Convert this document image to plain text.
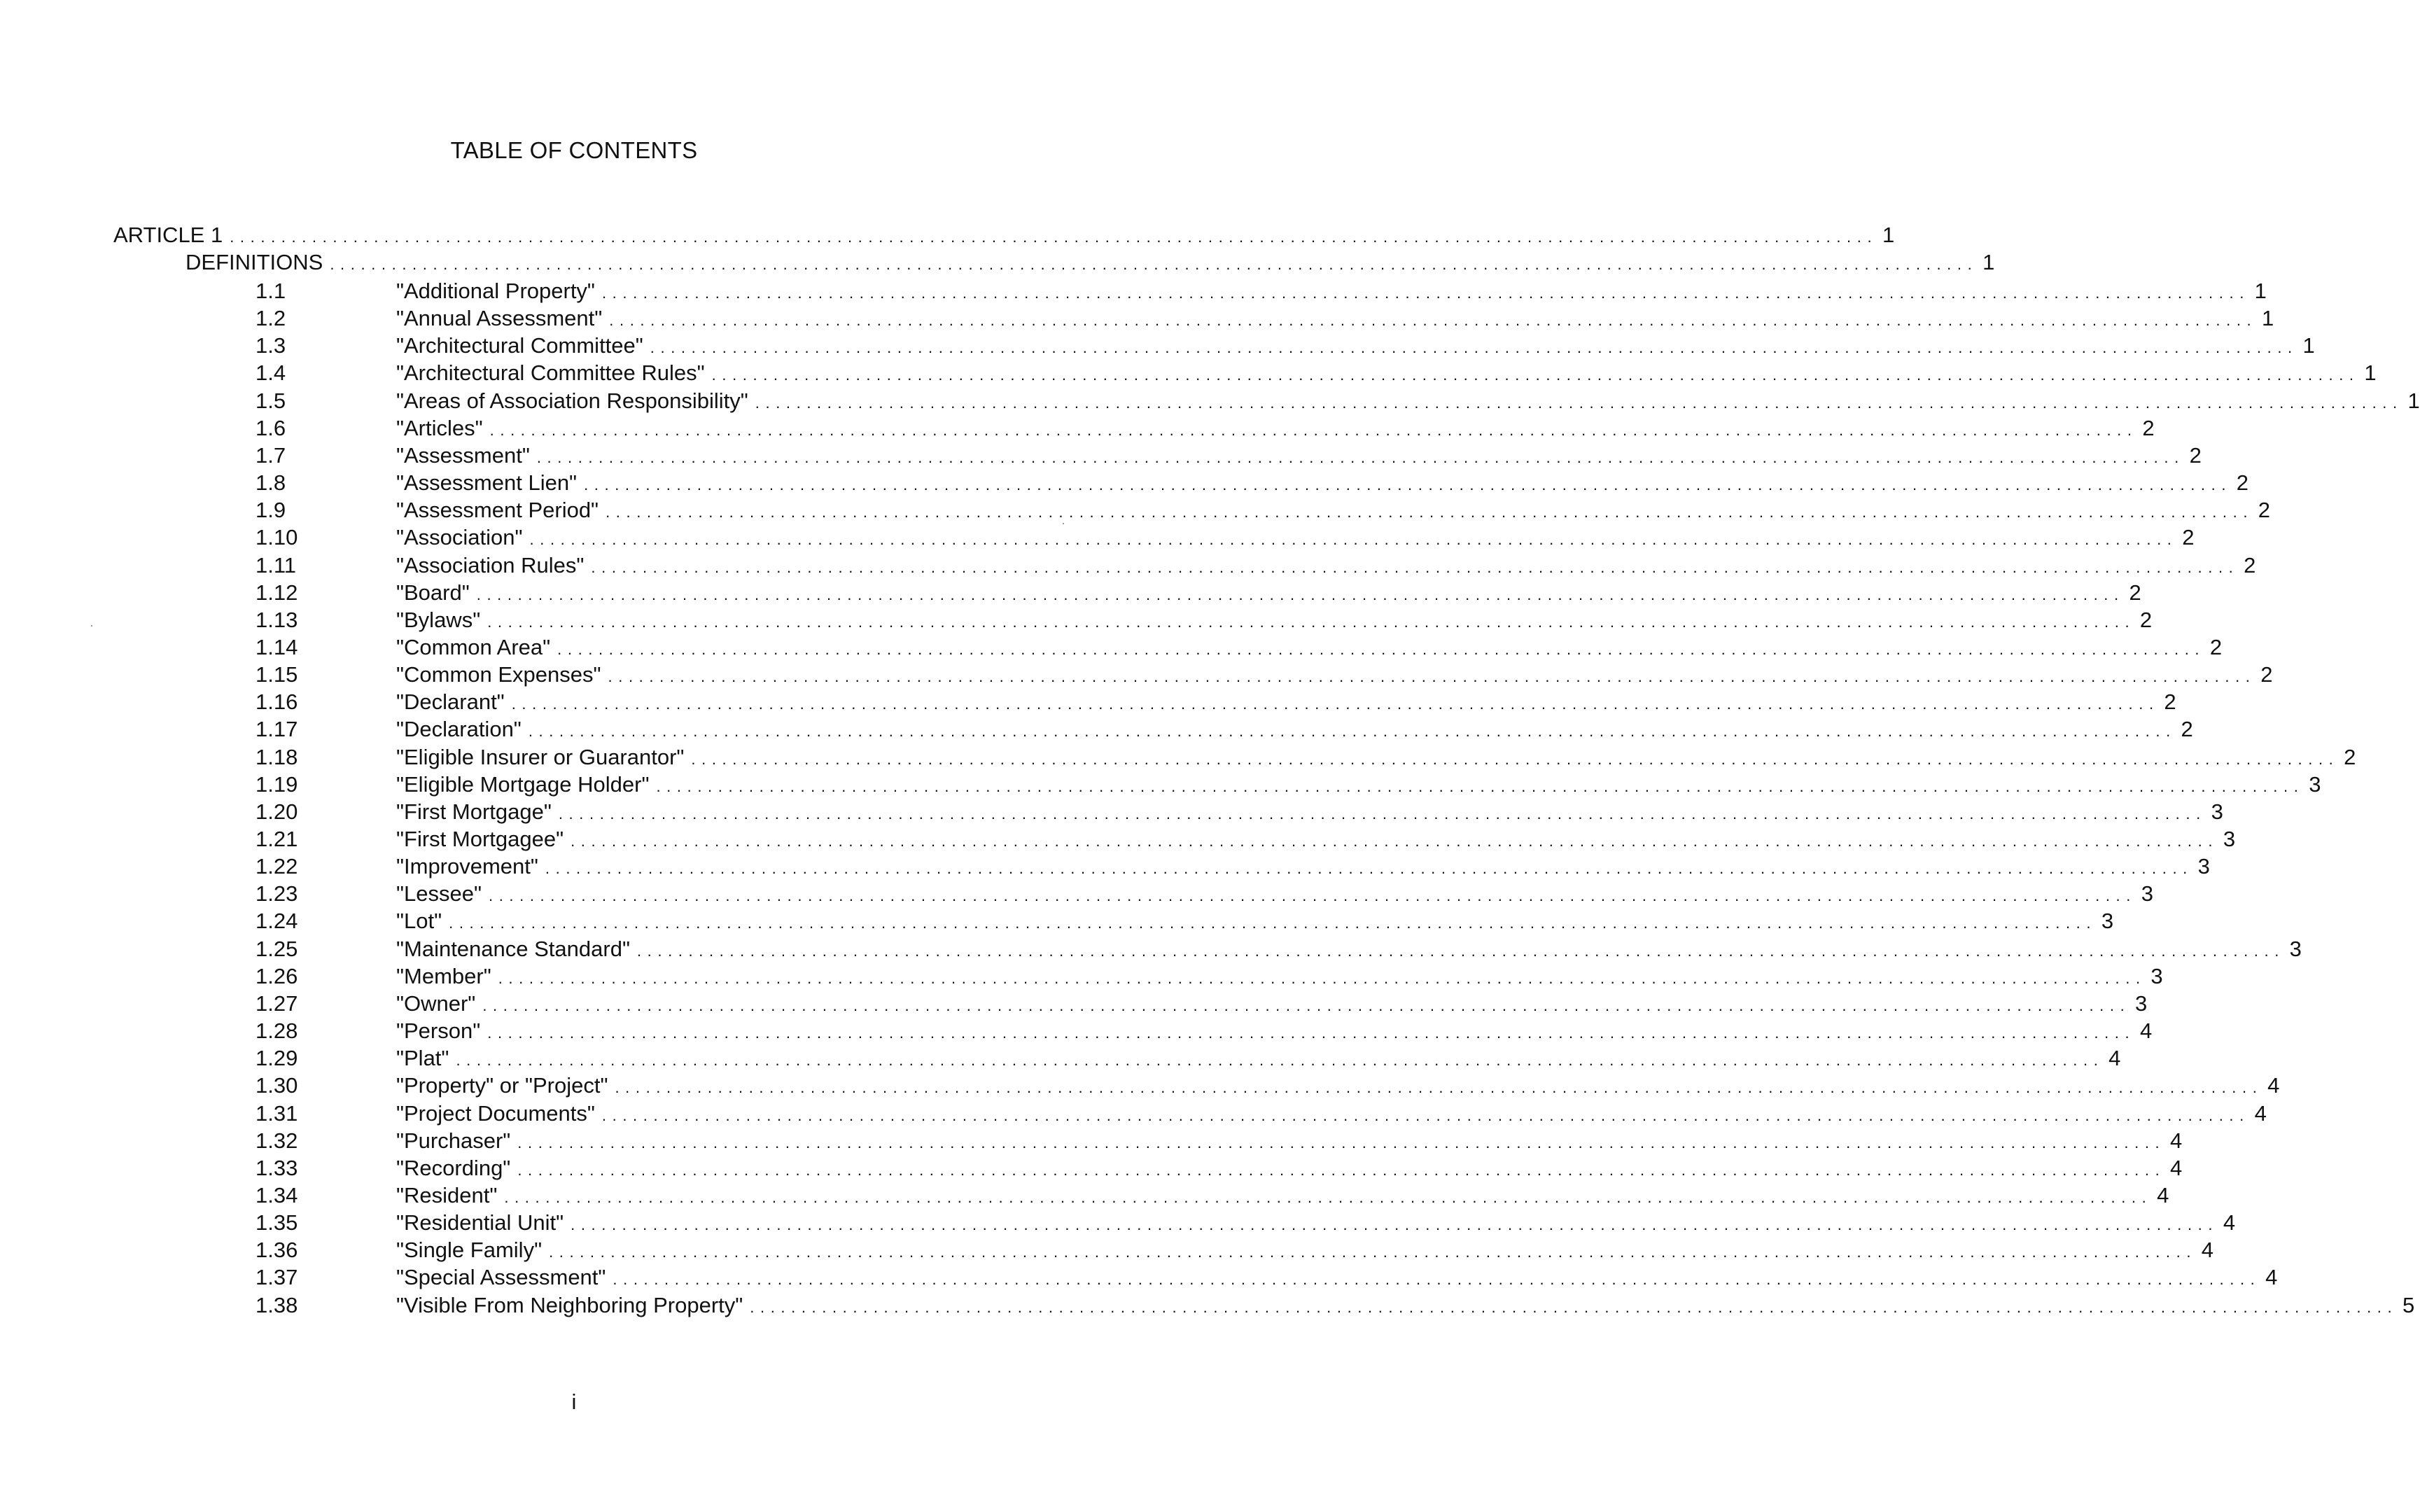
TABLE OF CONTENTS
ARTICLE 1 ................................................................................................................................................................ 1
DEFINITIONS ................................................................................................................................................................ 1
1.1	"Additional Property" ................................................................................................................................................................ 1
1.2	"Annual Assessment" ................................................................................................................................................................ 1
1.3	"Architectural Committee" ................................................................................................................................................................ 1
1.4	"Architectural Committee Rules" ................................................................................................................................................................ 1
1.5	"Areas of Association Responsibility" ................................................................................................................................................................ 1
1.6	"Articles" ................................................................................................................................................................ 2
1.7	"Assessment" ................................................................................................................................................................ 2
1.8	"Assessment Lien" ................................................................................................................................................................ 2
1.9	"Assessment Period" ................................................................................................................................................................ 2
1.10	"Association" ................................................................................................................................................................ 2
1.11	"Association Rules" ................................................................................................................................................................ 2
1.12	"Board" ................................................................................................................................................................ 2
1.13	"Bylaws" ................................................................................................................................................................ 2
1.14	"Common Area" ................................................................................................................................................................ 2
1.15	"Common Expenses" ................................................................................................................................................................ 2
1.16	"Declarant" ................................................................................................................................................................ 2
1.17	"Declaration" ................................................................................................................................................................ 2
1.18	"Eligible Insurer or Guarantor" ................................................................................................................................................................ 2
1.19	"Eligible Mortgage Holder" ................................................................................................................................................................ 3
1.20	"First Mortgage" ................................................................................................................................................................ 3
1.21	"First Mortgagee" ................................................................................................................................................................ 3
1.22	"Improvement" ................................................................................................................................................................ 3
1.23	"Lessee" ................................................................................................................................................................ 3
1.24	"Lot" ................................................................................................................................................................ 3
1.25	"Maintenance Standard" ................................................................................................................................................................ 3
1.26	"Member" ................................................................................................................................................................ 3
1.27	"Owner" ................................................................................................................................................................ 3
1.28	"Person" ................................................................................................................................................................ 4
1.29	"Plat" ................................................................................................................................................................ 4
1.30	"Property" or "Project" ................................................................................................................................................................ 4
1.31	"Project Documents" ................................................................................................................................................................ 4
1.32	"Purchaser" ................................................................................................................................................................ 4
1.33	"Recording" ................................................................................................................................................................ 4
1.34	"Resident" ................................................................................................................................................................ 4
1.35	"Residential Unit" ................................................................................................................................................................ 4
1.36	"Single Family" ................................................................................................................................................................ 4
1.37	"Special Assessment" ................................................................................................................................................................ 4
1.38	"Visible From Neighboring Property" ................................................................................................................................................................ 5
i
